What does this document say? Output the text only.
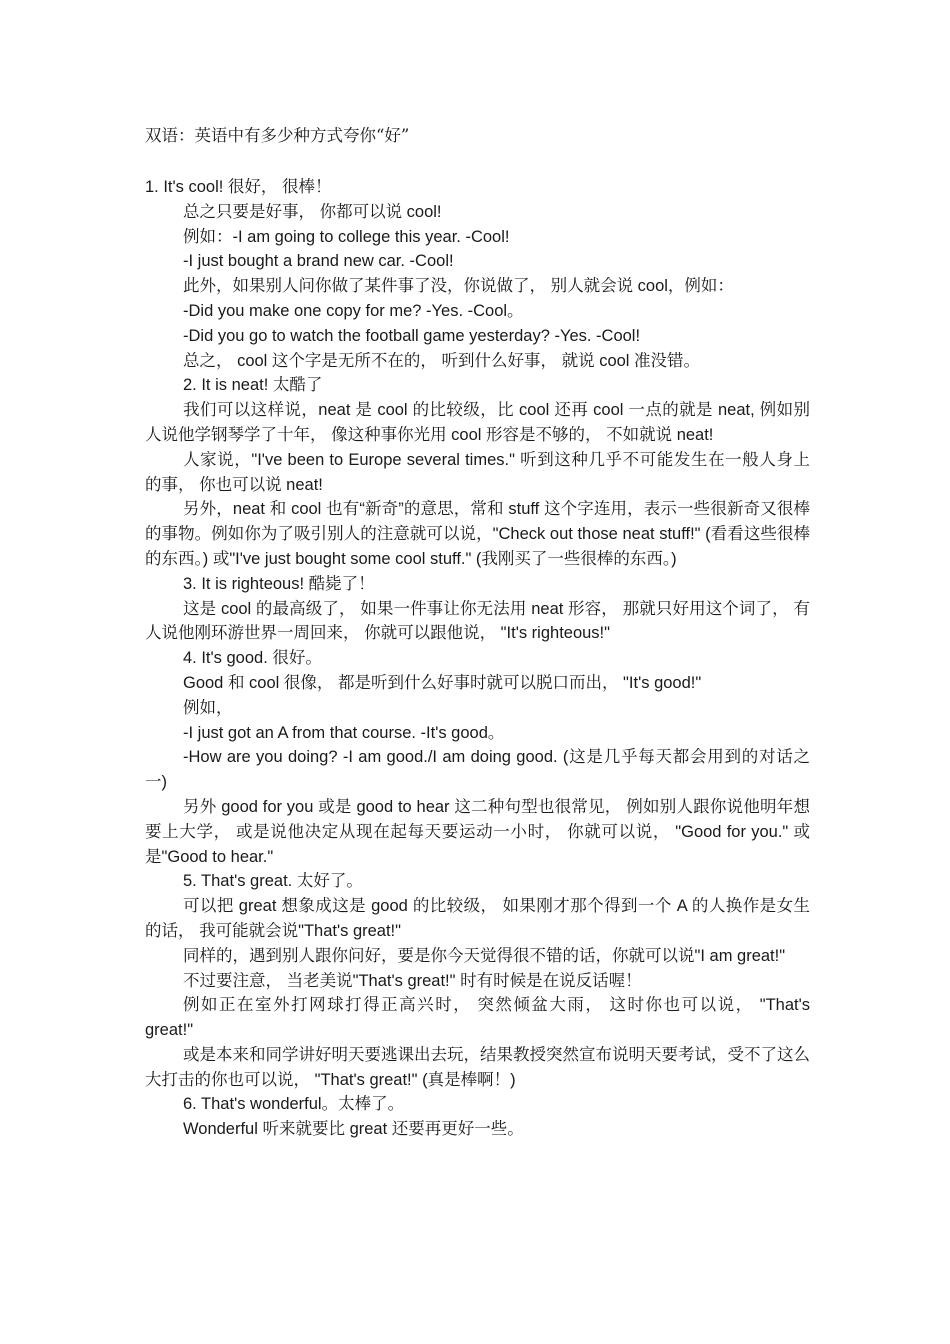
双语：英语中有多少种方式夸你“好”

1. It's cool! 很好， 很棒！

总之只要是好事， 你都可以说 cool!

例如：-I am going to college this year. -Cool!

-I just bought a brand new car. -Cool!

此外，如果别人问你做了某件事了没，你说做了， 别人就会说 cool，例如：

-Did you make one copy for me? -Yes. -Cool。

-Did you go to watch the football game yesterday? -Yes. -Cool!

总之， cool 这个字是无所不在的， 听到什么好事， 就说 cool 准没错。

2. It is neat! 太酷了

我们可以这样说，neat 是 cool 的比较级，比 cool 还再 cool 一点的就是 neat, 例如别人说他学钢琴学了十年， 像这种事你光用 cool 形容是不够的， 不如就说 neat!

人家说，"I've been to Europe several times." 听到这种几乎不可能发生在一般人身上的事， 你也可以说 neat!

另外，neat 和 cool 也有“新奇”的意思，常和 stuff 这个字连用，表示一些很新奇又很棒的事物。例如你为了吸引别人的注意就可以说，"Check out those neat stuff!" (看看这些很棒的东西。) 或"I've just bought some cool stuff." (我刚买了一些很棒的东西。)

3. It is righteous! 酷毙了！

这是 cool 的最高级了， 如果一件事让你无法用 neat 形容， 那就只好用这个词了， 有人说他刚环游世界一周回来， 你就可以跟他说， "It's righteous!"

4. It's good. 很好。

Good 和 cool 很像， 都是听到什么好事时就可以脱口而出， "It's good!"

例如，

-I just got an A from that course. -It's good。

-How are you doing? -I am good./I am doing good. (这是几乎每天都会用到的对话之一)

另外 good for you 或是 good to hear 这二种句型也很常见， 例如别人跟你说他明年想要上大学， 或是说他决定从现在起每天要运动一小时， 你就可以说， "Good for you." 或是"Good to hear."

5. That's great. 太好了。

可以把 great 想象成这是 good 的比较级， 如果刚才那个得到一个 A 的人换作是女生的话， 我可能就会说"That's great!"

同样的，遇到别人跟你问好，要是你今天觉得很不错的话，你就可以说"I am great!"

不过要注意， 当老美说"That's great!" 时有时候是在说反话喔！

例如正在室外打网球打得正高兴时， 突然倾盆大雨， 这时你也可以说， "That's great!"

或是本来和同学讲好明天要逃课出去玩，结果教授突然宣布说明天要考试，受不了这么大打击的你也可以说， "That's great!" (真是棒啊！)

6. That's wonderful。太棒了。

Wonderful 听来就要比 great 还要再更好一些。
